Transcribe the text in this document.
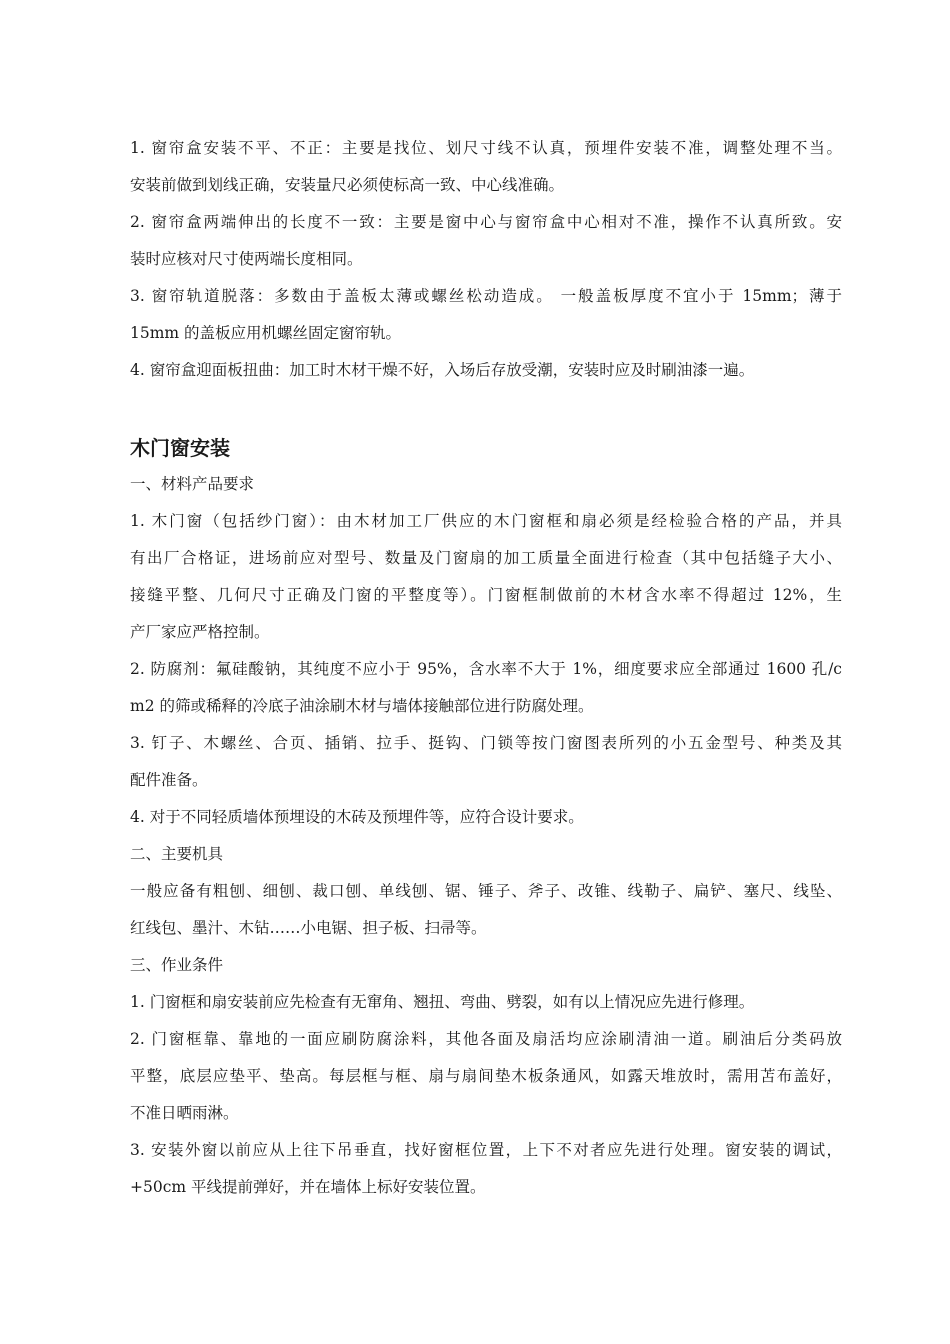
1. 窗帘盒安装不平、不正：主要是找位、划尺寸线不认真，预埋件安装不准，调整处理不当。
安装前做到划线正确，安装量尺必须使标高一致、中心线准确。
2. 窗帘盒两端伸出的长度不一致：主要是窗中心与窗帘盒中心相对不准，操作不认真所致。安
装时应核对尺寸使两端长度相同。
3. 窗帘轨道脱落：多数由于盖板太薄或螺丝松动造成。 一般盖板厚度不宜小于 15mm；薄于
15mm 的盖板应用机螺丝固定窗帘轨。
4. 窗帘盒迎面板扭曲：加工时木材干燥不好，入场后存放受潮，安装时应及时刷油漆一遍。
木门窗安装
一、材料产品要求
1. 木门窗（包括纱门窗）：由木材加工厂供应的木门窗框和扇必须是经检验合格的产品，并具
有出厂合格证，进场前应对型号、数量及门窗扇的加工质量全面进行检查（其中包括缝子大小、
接缝平整、几何尺寸正确及门窗的平整度等）。门窗框制做前的木材含水率不得超过 12%，生
产厂家应严格控制。
2. 防腐剂：氟硅酸钠，其纯度不应小于 95%，含水率不大于 1%，细度要求应全部通过 1600 孔/c
m2 的筛或稀释的冷底子油涂刷木材与墙体接触部位进行防腐处理。
3. 钉子、木螺丝、合页、插销、拉手、挺钩、门锁等按门窗图表所列的小五金型号、种类及其
配件准备。
4. 对于不同轻质墙体预埋设的木砖及预埋件等，应符合设计要求。
二、主要机具
一般应备有粗刨、细刨、裁口刨、单线刨、锯、锤子、斧子、改锥、线勒子、扁铲、塞尺、线坠、
红线包、墨汁、木钻……小电锯、担子板、扫帚等。
三、作业条件
1. 门窗框和扇安装前应先检查有无窜角、翘扭、弯曲、劈裂，如有以上情况应先进行修理。
2. 门窗框靠、靠地的一面应刷防腐涂料，其他各面及扇活均应涂刷清油一道。刷油后分类码放
平整，底层应垫平、垫高。每层框与框、扇与扇间垫木板条通风，如露天堆放时，需用苫布盖好，
不准日晒雨淋。
3. 安装外窗以前应从上往下吊垂直，找好窗框位置，上下不对者应先进行处理。窗安装的调试，
+50cm 平线提前弹好，并在墙体上标好安装位置。
